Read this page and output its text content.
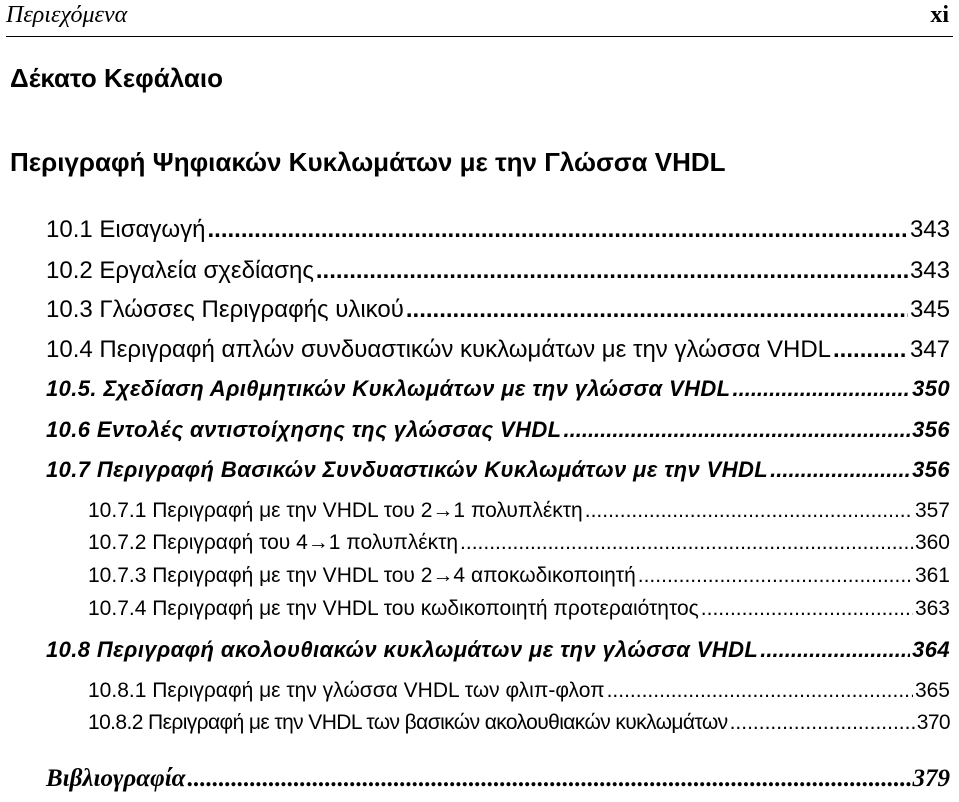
Περιεχόμενα	xi
Δέκατο Κεφάλαιο
Περιγραφή Ψηφιακών Κυκλωμάτων με την Γλώσσα VHDL
10.1 Εισαγωγή .....	343
10.2 Εργαλεία σχεδίασης .....	343
10.3 Γλώσσες Περιγραφής υλικού .....	345
10.4 Περιγραφή απλών συνδυαστικών κυκλωμάτων με την γλώσσα VHDL .....	347
10.5. Σχεδίαση Αριθμητικών Κυκλωμάτων με την γλώσσα VHDL .....	350
10.6 Εντολές αντιστοίχησης της γλώσσας VHDL .....	356
10.7 Περιγραφή Βασικών Συνδυαστικών Κυκλωμάτων με την VHDL .....	356
10.7.1 Περιγραφή με την VHDL του 2→1 πολυπλέκτη .....	357
10.7.2 Περιγραφή του 4→1 πολυπλέκτη .....	360
10.7.3 Περιγραφή με την VHDL του 2→4 αποκωδικοποιητή .....	361
10.7.4 Περιγραφή με την VHDL του κωδικοποιητή προτεραιότητος .....	363
10.8 Περιγραφή ακολουθιακών κυκλωμάτων με την γλώσσα VHDL .....	364
10.8.1 Περιγραφή με την γλώσσα VHDL των φλιπ-φλοπ .....	365
10.8.2 Περιγραφή με την VHDL των βασικών ακολουθιακών κυκλωμάτων .....	370
Βιβλιογραφία .....	379
